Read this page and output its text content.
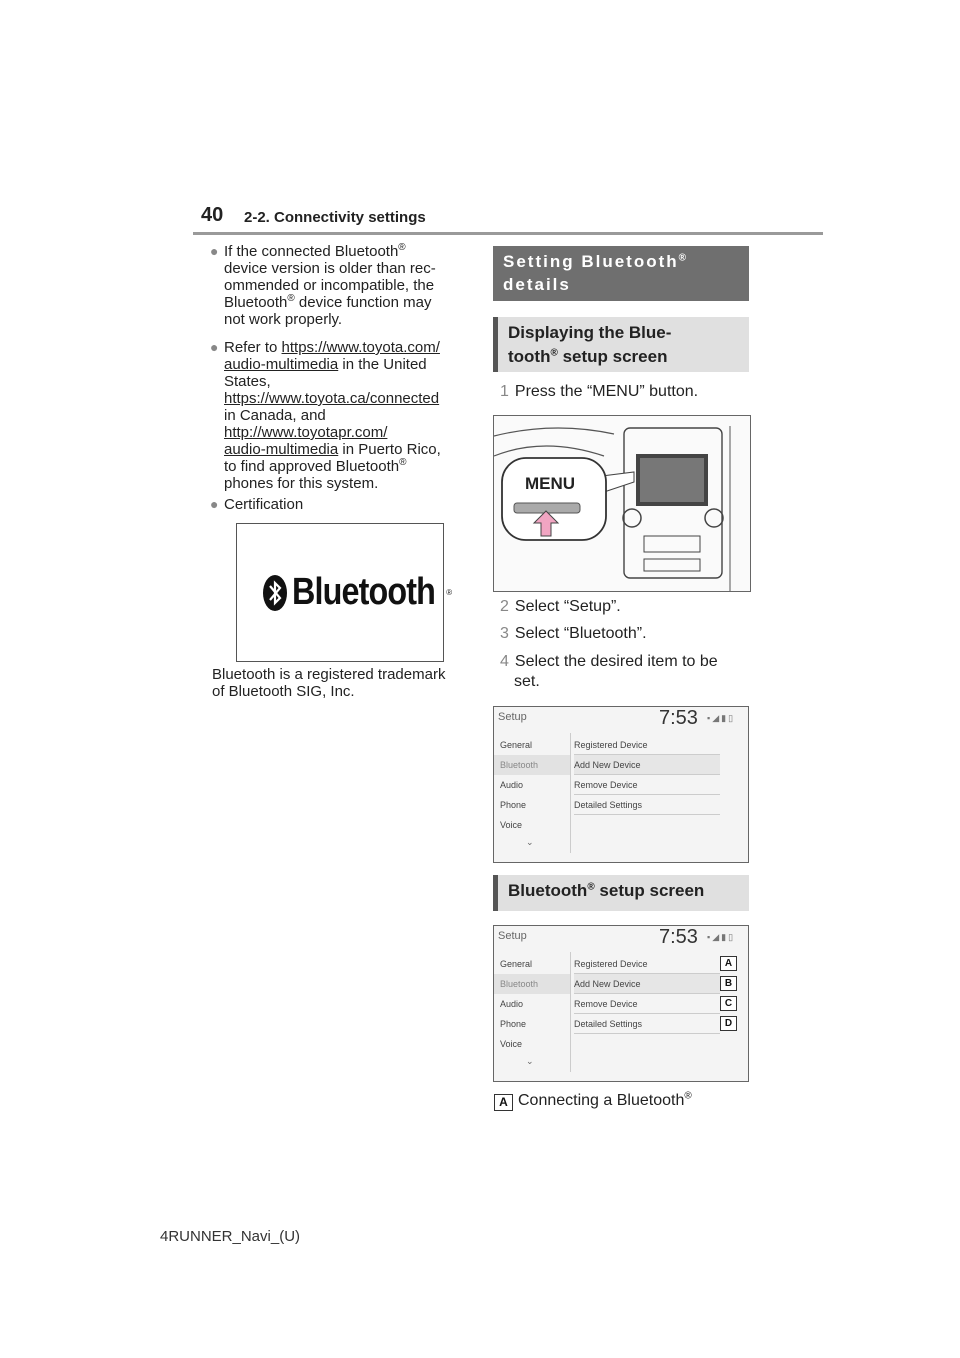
40 2-2. Connectivity settings
● If the connected Bluetooth®
device version is older than rec-
ommended or incompatible, the
Bluetooth® device function may
not work properly.
● Refer to https://www.toyota.com/
audio-multimedia in the United
States,
https://www.toyota.ca/connected
in Canada, and
http://www.toyotapr.com/
audio-multimedia in Puerto Rico,
to find approved Bluetooth®
phones for this system.
● Certification
Bluetooth ®
Bluetooth is a registered trademark
of Bluetooth SIG, Inc.
Setting Bluetooth®
details
Displaying the Blue-
tooth® setup screen
1 Press the “MENU” button.
MENU
2 Select “Setup”.
3 Select “Bluetooth”.
4 Select the desired item to be
set.
Setup	7:53 ▪◢▮▯
General
Bluetooth
Audio
Phone
Voice
⌄
Registered Device
Add New Device
Remove Device
Detailed Settings
Bluetooth® setup screen
Setup	7:53 ▪◢▮▯
General
Bluetooth
Audio
Phone
Voice
⌄
Registered Device
Add New Device
Remove Device
Detailed Settings
A
B
C
D
A Connecting a Bluetooth®
4RUNNER_Navi_(U)
